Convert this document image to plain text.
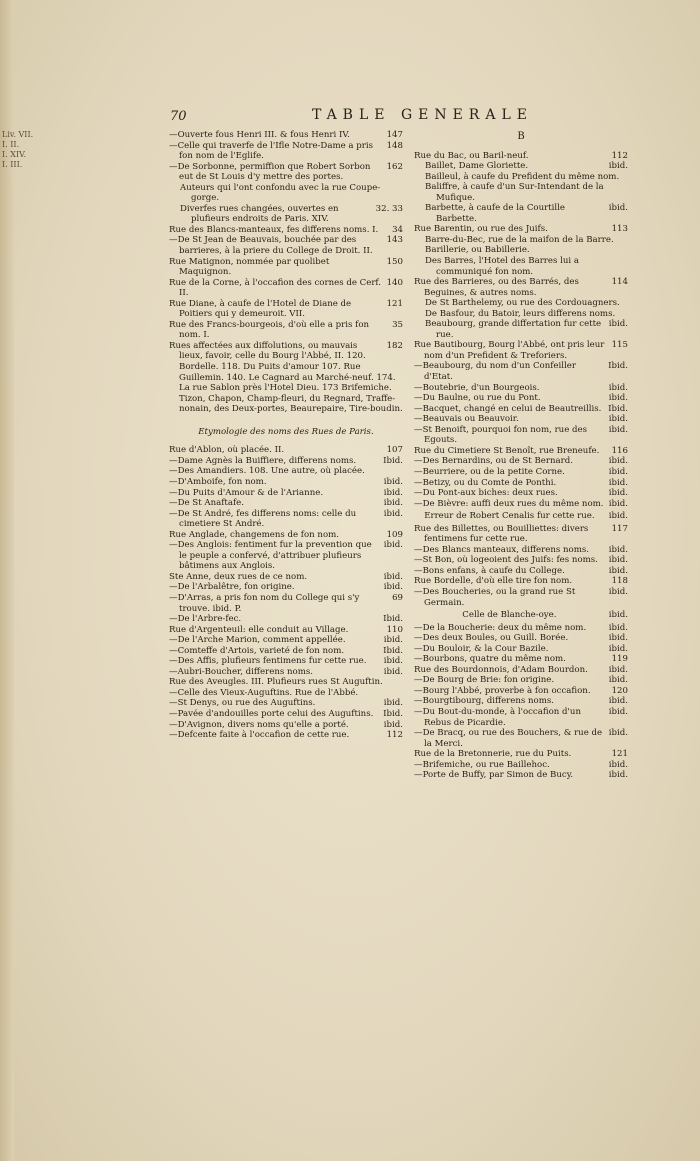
70	TABLE GENERALE
Liv. VII.
I. II.
I. XIV.
I. III.

147
—Ouverte fous Henri III. & fous Henri IV.

148
—Celle qui traverfe de l'Ifle Notre-Dame a pris fon nom de l'Eglife.

162
—De Sorbonne, permiffion que Robert Sorbon eut de St Louis d'y mettre des portes.

Auteurs qui l'ont confondu avec la rue Coupe-gorge.

32. 33
Diverfes rues changées, ouvertes en plufieurs endroits de Paris. XIV.

34
Rue des Blancs-manteaux, fes differens noms. I.

143
—De St Jean de Beauvais, bouchée par des barrieres, à la priere du College de Droit. II.

150
Rue Matignon, nommée par quolibet Maquignon.

140
Rue de la Corne, à l'occafion des cornes de Cerf. II.

121
Rue Diane, à caufe de l'Hotel de Diane de Poitiers qui y demeuroit. VII.

35
Rue des Francs-bourgeois, d'où elle a pris fon nom. I.

182
Rues affectées aux diffolutions, ou mauvais lieux, favoir, celle du Bourg l'Abbé, II. 120. Bordelle. 118. Du Puits d'amour 107. Rue Guillemin. 140. Le Cagnard au Marché-neuf. 174. La rue Sablon près l'Hotel Dieu. 173 Brifemiche. Tizon, Chapon, Champ-fleuri, du Regnard, Traffe-nonain, des Deux-portes, Beaurepaire, Tire-boudin.

Etymologie des noms des Rues de Paris.

107
Rue d'Ablon, où placée. II.

Ibid.
—Dame Agnès la Buiffiere, differens noms.

—Des Amandiers. 108. Une autre, où placée.

ibid.
—D'Amboife, fon nom.

ibid.
—Du Puits d'Amour & de l'Arianne.

ibid.
—De St Anaftafe.

ibid.
—De St André, fes differens noms: celle du cimetiere St André.

109
Rue Anglade, changemens de fon nom.

ibid.
—Des Anglois: fentiment fur la prevention que le peuple a confervé, d'attribuer plufieurs bâtimens aux Anglois.

ibid.
Ste Anne, deux rues de ce nom.

ibid.
—De l'Arbalêtre, fon origine.

69
—D'Arras, a pris fon nom du College qui s'y trouve. ibid. P.

Ibid.
—De l'Arbre-fec.

110
Rue d'Argenteuil: elle conduit au Village.

ibid.
—De l'Arche Marion, comment appellée.

Ibid.
—Comteffe d'Artois, varieté de fon nom.

ibid.
—Des Affis, plufieurs fentimens fur cette rue.

ibid.
—Aubri-Boucher, differens noms.

Rue des Aveugles. III. Plufieurs rues St Auguftin.

—Celle des Vieux-Auguftins. Rue de l'Abbé.

ibid.
—St Denys, ou rue des Auguftins.

Ibid.
—Pavée d'andouilles porte celui des Auguftins.

ibid.
—D'Avignon, divers noms qu'elle a porté.

112
—Defcente faite à l'occafion de cette rue.

B

112
Rue du Bac, ou Baril-neuf.

ibid.
Baillet, Dame Gloriette.

Bailleul, à caufe du Prefident du même nom.

Baliffre, à caufe d'un Sur-Intendant de la Mufique.

ibid.
Barbette, à caufe de la Courtille Barbette.

113
Rue Barentin, ou rue des Juifs.

Barre-du-Bec, rue de la maifon de la Barre.

Barillerie, ou Babillerie.

Des Barres, l'Hotel des Barres lui a communiqué fon nom.

114
Rue des Barrieres, ou des Barrés, des Beguines, & autres noms.

De St Barthelemy, ou rue des Cordouagners.

De Basfour, du Batoir, leurs differens noms.

ibid.
Beaubourg, grande differtation fur cette rue.

115
Rue Bautibourg, Bourg l'Abbé, ont pris leur nom d'un Prefident & Treforiers.

Ibid.
—Beaubourg, du nom d'un Confeiller d'Etat.

ibid.
—Boutebrie, d'un Bourgeois.

ibid.
—Du Baulne, ou rue du Pont.

Ibid.
—Bacquet, changé en celui de Beautreillis.

ibid.
—Beauvais ou Beauvoir.

ibid.
—St Benoift, pourquoi fon nom, rue des Egouts.

116
Rue du Cimetiere St Benoît, rue Breneufe.

ibid.
—Des Bernardins, ou de St Bernard.

ibid.
—Beurriere, ou de la petite Corne.

ibid.
—Betizy, ou du Comte de Ponthi.

ibid.
—Du Pont-aux biches: deux rues.

ibid.
—De Bièvre: auffi deux rues du même nom.

ibid.
Erreur de Robert Cenalis fur cette rue.

117
Rue des Billettes, ou Bouilliettes: divers fentimens fur cette rue.

ibid.
—Des Blancs manteaux, differens noms.

ibid.
—St Bon, où logeoient des Juifs: fes noms.

ibid.
—Bons enfans, à caufe du College.

118
Rue Bordelle, d'où elle tire fon nom.

ibid.
—Des Boucheries, ou la grand rue St Germain.

ibid.
Celle de Blanche-oye.

ibid.
—De la Boucherie: deux du même nom.

ibid.
—Des deux Boules, ou Guill. Borée.

ibid.
—Du Bouloir, & la Cour Bazile.

119
—Bourbons, quatre du même nom.

ibid.
Rue des Bourdonnois, d'Adam Bourdon.

ibid.
—De Bourg de Brie: fon origine.

120
—Bourg l'Abbé, proverbe à fon occafion.

ibid.
—Bourgtibourg, differens noms.

ibid.
—Du Bout-du-monde, à l'occafion d'un Rebus de Picardie.

ibid.
—De Bracq, ou rue des Bouchers, & rue de la Merci.

121
Rue de la Bretonnerie, rue du Puits.

ibid.
—Brifemiche, ou rue Baillehoc.

ibid.
—Porte de Buffy, par Simon de Bucy.
